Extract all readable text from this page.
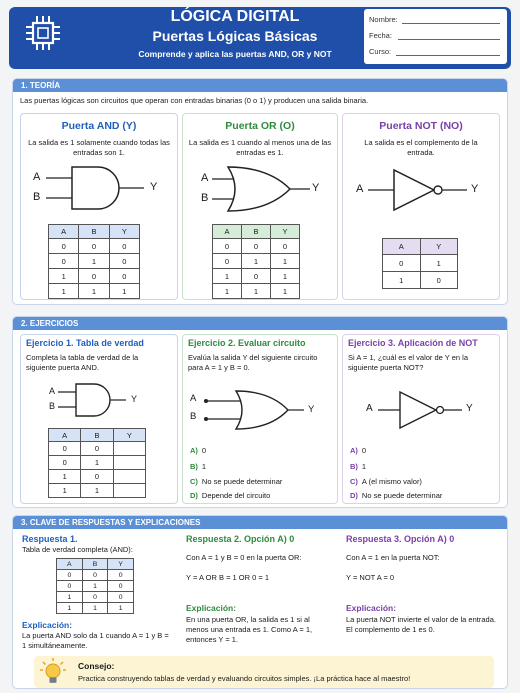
LÓGICA DIGITAL
Puertas Lógicas Básicas
Comprende y aplica las puertas AND, OR y NOT
Nombre:
Fecha:
Curso:
1. TEORÍA
Las puertas lógicas son circuitos que operan con entradas binarias (0 o 1) y producen una salida binaria.
Puerta AND (Y)
La salida es 1 solamente cuando todas las entradas son 1.
A
B
Y
A	B	Y
0	0	0
0	1	0
1	0	0
1	1	1
Puerta OR (O)
La salida es 1 cuando al menos una de las entradas es 1.
A
B
Y
A	B	Y
0	0	0
0	1	1
1	0	1
1	1	1
Puerta NOT (NO)
La salida es el complemento de la entrada.
A	Y
A	Y
0	1
1	0
2. EJERCICIOS
Ejercicio 1. Tabla de verdad
Completa la tabla de verdad de la siguiente puerta AND.
A
B
Y
A	B	Y
0	0	
0	1	
1	0	
1	1	
Ejercicio 2. Evaluar circuito
Evalúa la salida Y del siguiente circuito para A = 1 y B = 0.
A
B
Y
A) 0
B) 1
C) No se puede determinar
D) Depende del circuito
Ejercicio 3. Aplicación de NOT
Si A = 1, ¿cuál es el valor de Y en la siguiente puerta NOT?
A	Y
A) 0
B) 1
C) A (el mismo valor)
D) No se puede determinar
3. CLAVE DE RESPUESTAS Y EXPLICACIONES
Respuesta 1.
Tabla de verdad completa (AND):
A	B	Y
0	0	0
0	1	0
1	0	0
1	1	1
Explicación:
La puerta AND solo da 1 cuando A = 1 y B = 1 simultáneamente.
Respuesta 2. Opción A) 0
Con A = 1 y B = 0 en la puerta OR:
Y = A OR B = 1 OR 0 = 1
Explicación:
En una puerta OR, la salida es 1 si al menos una entrada es 1. Como A = 1, entonces Y = 1.
Respuesta 3. Opción A) 0
Con A = 1 en la puerta NOT:
Y = NOT A = 0
Explicación:
La puerta NOT invierte el valor de la entrada. El complemento de 1 es 0.
Consejo:
Practica construyendo tablas de verdad y evaluando circuitos simples. ¡La práctica hace al maestro!
